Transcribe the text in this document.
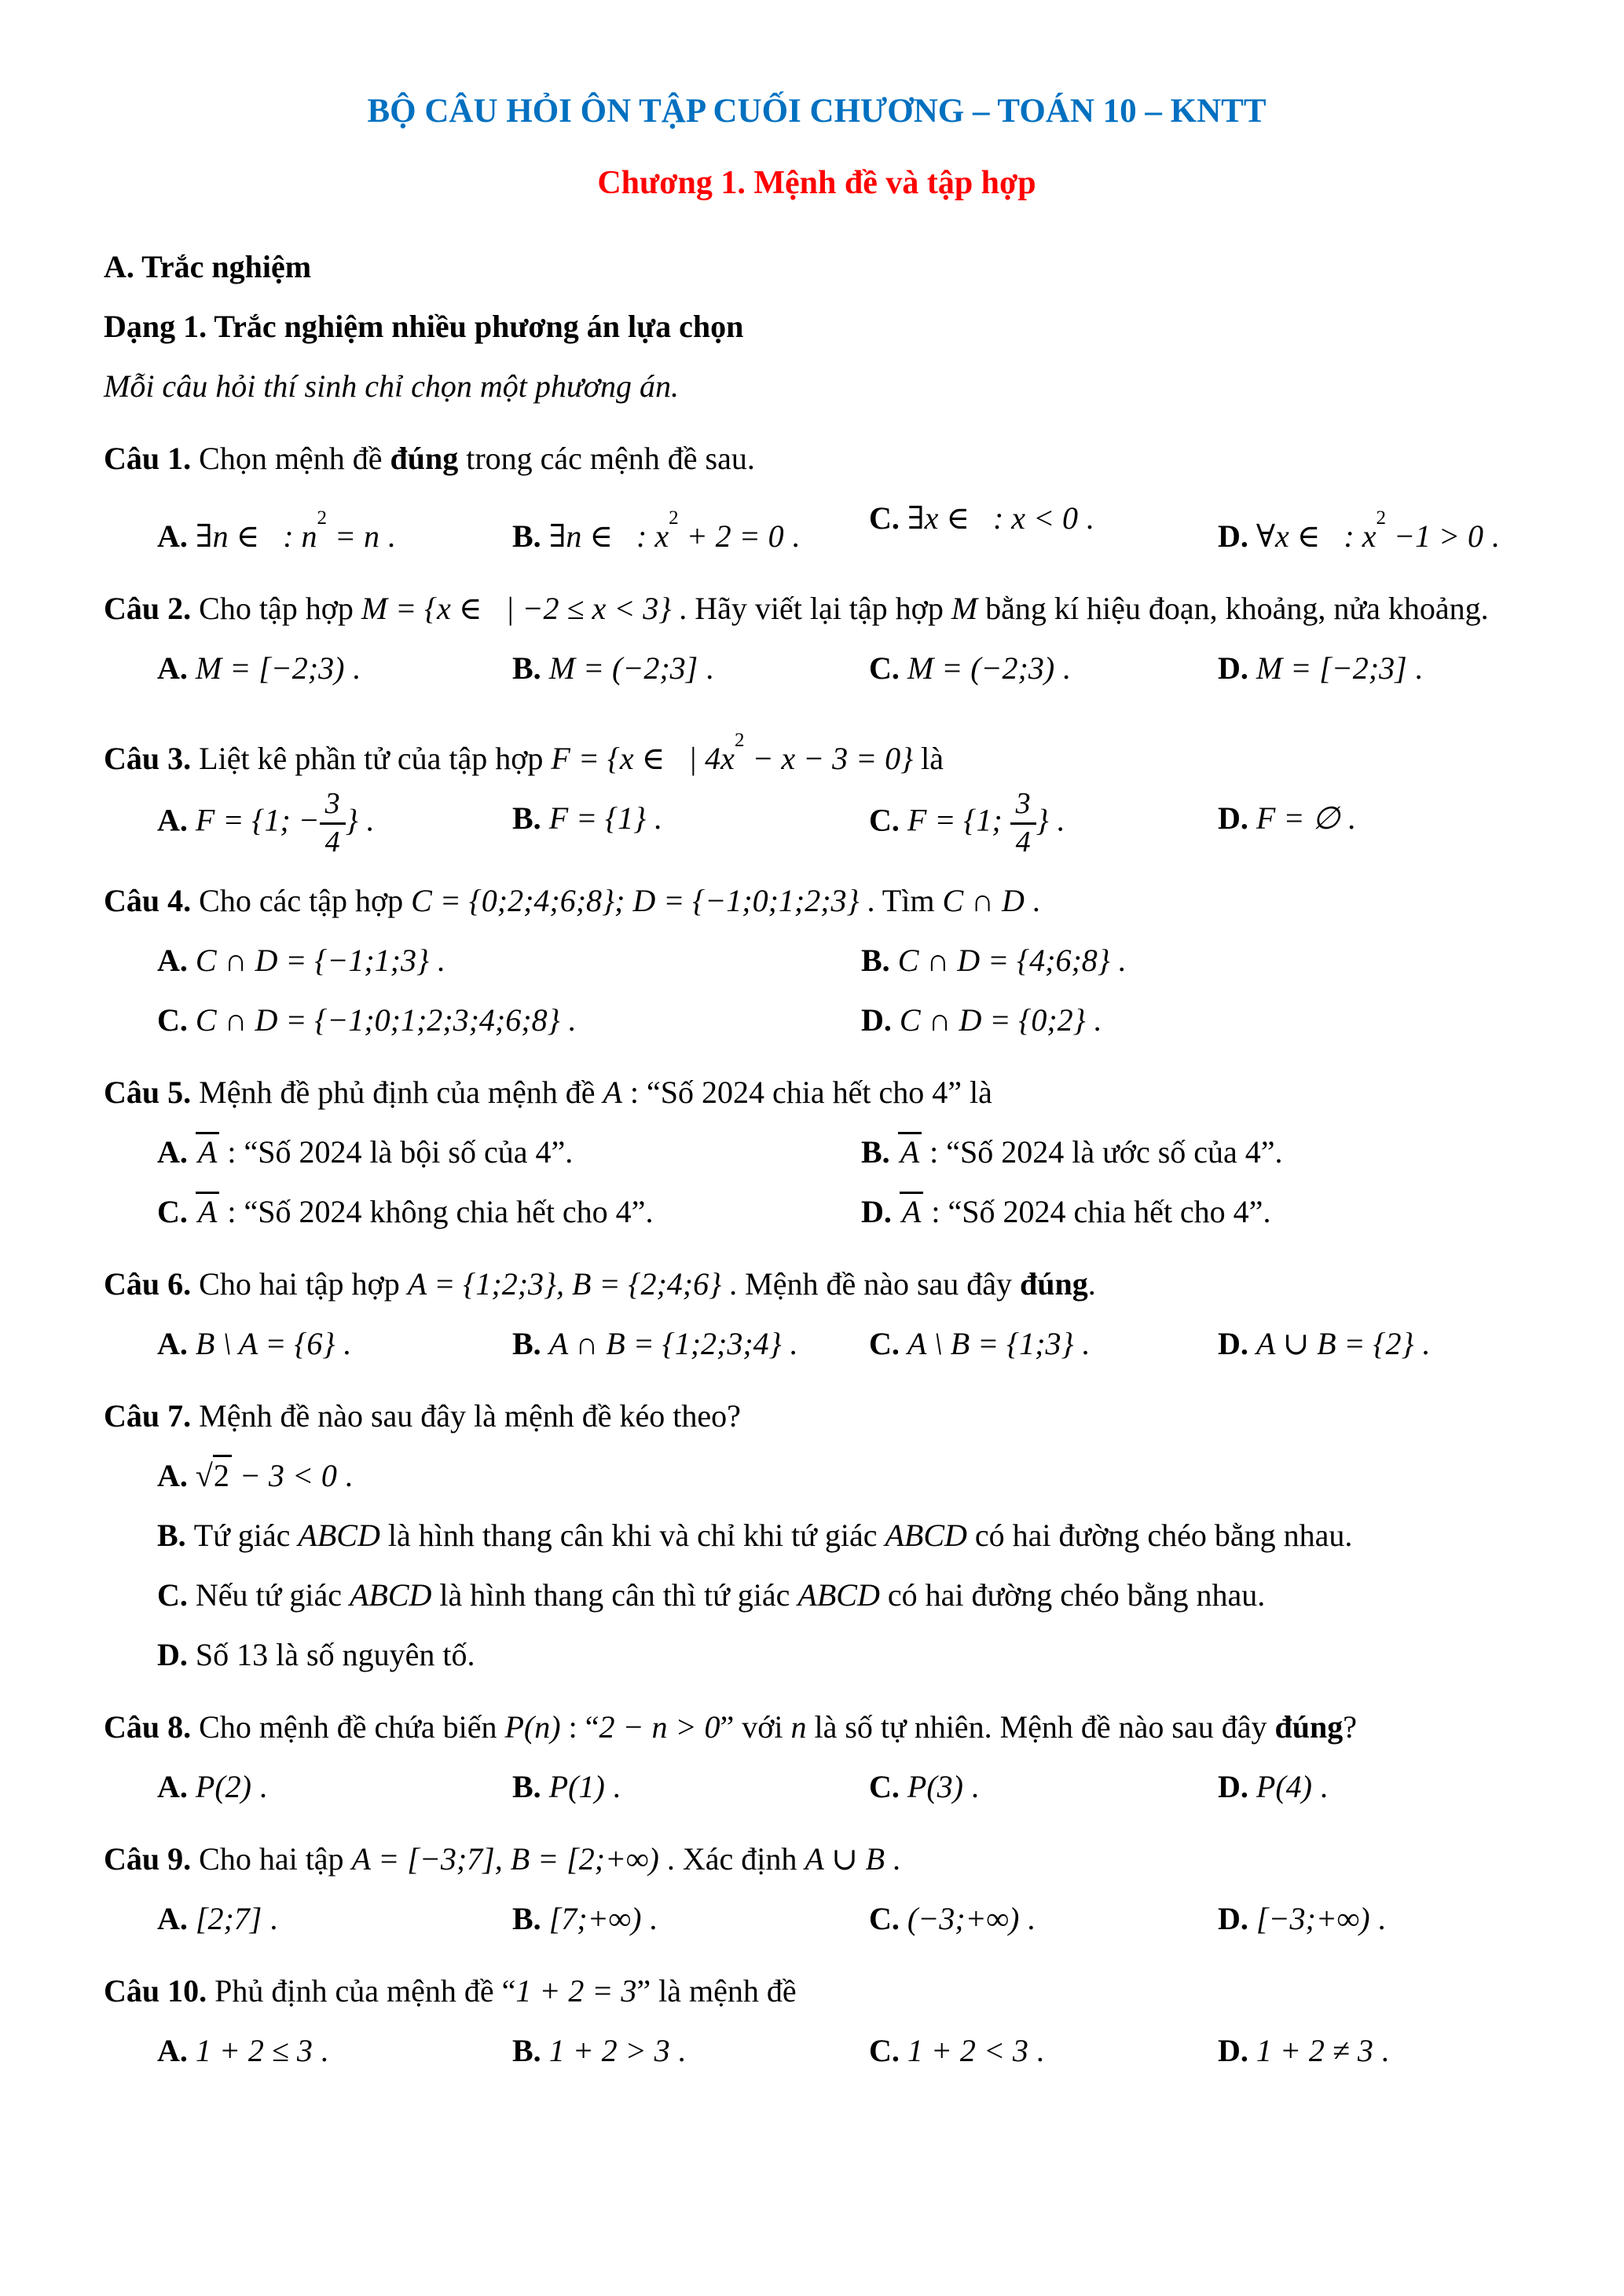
BỘ CÂU HỎI ÔN TẬP CUỐI CHƯƠNG – TOÁN 10 – KNTT
Chương 1. Mệnh đề và tập hợp

A. Trắc nghiệm

Dạng 1. Trắc nghiệm nhiều phương án lựa chọn

Mỗi câu hỏi thí sinh chỉ chọn một phương án.

Câu 1. Chọn mệnh đề đúng trong các mệnh đề sau.

A. ∃n ∈   : $n^2 = n$ .	B. ∃n ∈   : $x^2 + 2 = 0$ .
C. ∃x ∈   : x < 0 .
D. ∀x ∈   : $x^2 -1 > 0$ .

Câu 2. Cho tập hợp M = {x ∈   | −2 ≤ x < 3} . Hãy viết lại tập hợp M bằng kí hiệu đoạn, khoảng, nửa khoảng.

A. M = [−2;3) .	B. M = (−2;3] .	C. M = (−2;3) .	D. M = [−2;3] .

Câu 3. Liệt kê phần tử của tập hợp F = {x ∈   | $4x^2 - x - 3 = 0$} là

A. F = {1; − $\frac{3}{4}$ } .	B. F = {1} .	C. F = {1; $\frac{3}{4}$ } .	D. F = ∅ .

Câu 4. Cho các tập hợp C = {0;2;4;6;8}; D = {−1;0;1;2;3} . Tìm C ∩ D .

A. C ∩ D = {−1;1;3} .	B. C ∩ D = {4;6;8} .
C. C ∩ D = {−1;0;1;2;3;4;6;8} .	D. C ∩ D = {0;2} .

Câu 5. Mệnh đề phủ định của mệnh đề A : “Số 2024 chia hết cho 4” là

A. A : “Số 2024 là bội số của 4”.	B. A : “Số 2024 là ước số của 4”.
C. A : “Số 2024 không chia hết cho 4”.	D. A : “Số 2024 chia hết cho 4”.

Câu 6. Cho hai tập hợp A = {1;2;3}, B = {2;4;6} . Mệnh đề nào sau đây đúng.

A. B \ A = {6} .	B. A ∩ B = {1;2;3;4} .	C. A \ B = {1;3} .	D. A ∪ B = {2} .

Câu 7. Mệnh đề nào sau đây là mệnh đề kéo theo?

A. √2 − 3 < 0 .
B. Tứ giác ABCD là hình thang cân khi và chỉ khi tứ giác ABCD có hai đường chéo bằng nhau.
C. Nếu tứ giác ABCD là hình thang cân thì tứ giác ABCD có hai đường chéo bằng nhau.
D. Số 13 là số nguyên tố.

Câu 8. Cho mệnh đề chứa biến P(n) : “2 − n > 0” với n là số tự nhiên. Mệnh đề nào sau đây đúng?

A. P(2) .	B. P(1) .	C. P(3) .	D. P(4) .

Câu 9. Cho hai tập A = [−3;7], B = [2;+∞) . Xác định A ∪ B .

A. [2;7] .	B. [7;+∞) .	C. (−3;+∞) .	D. [−3;+∞) .

Câu 10. Phủ định của mệnh đề “1 + 2 = 3” là mệnh đề

A. 1 + 2 ≤ 3 .	B. 1 + 2 > 3 .	C. 1 + 2 < 3 .	D. 1 + 2 ≠ 3 .
